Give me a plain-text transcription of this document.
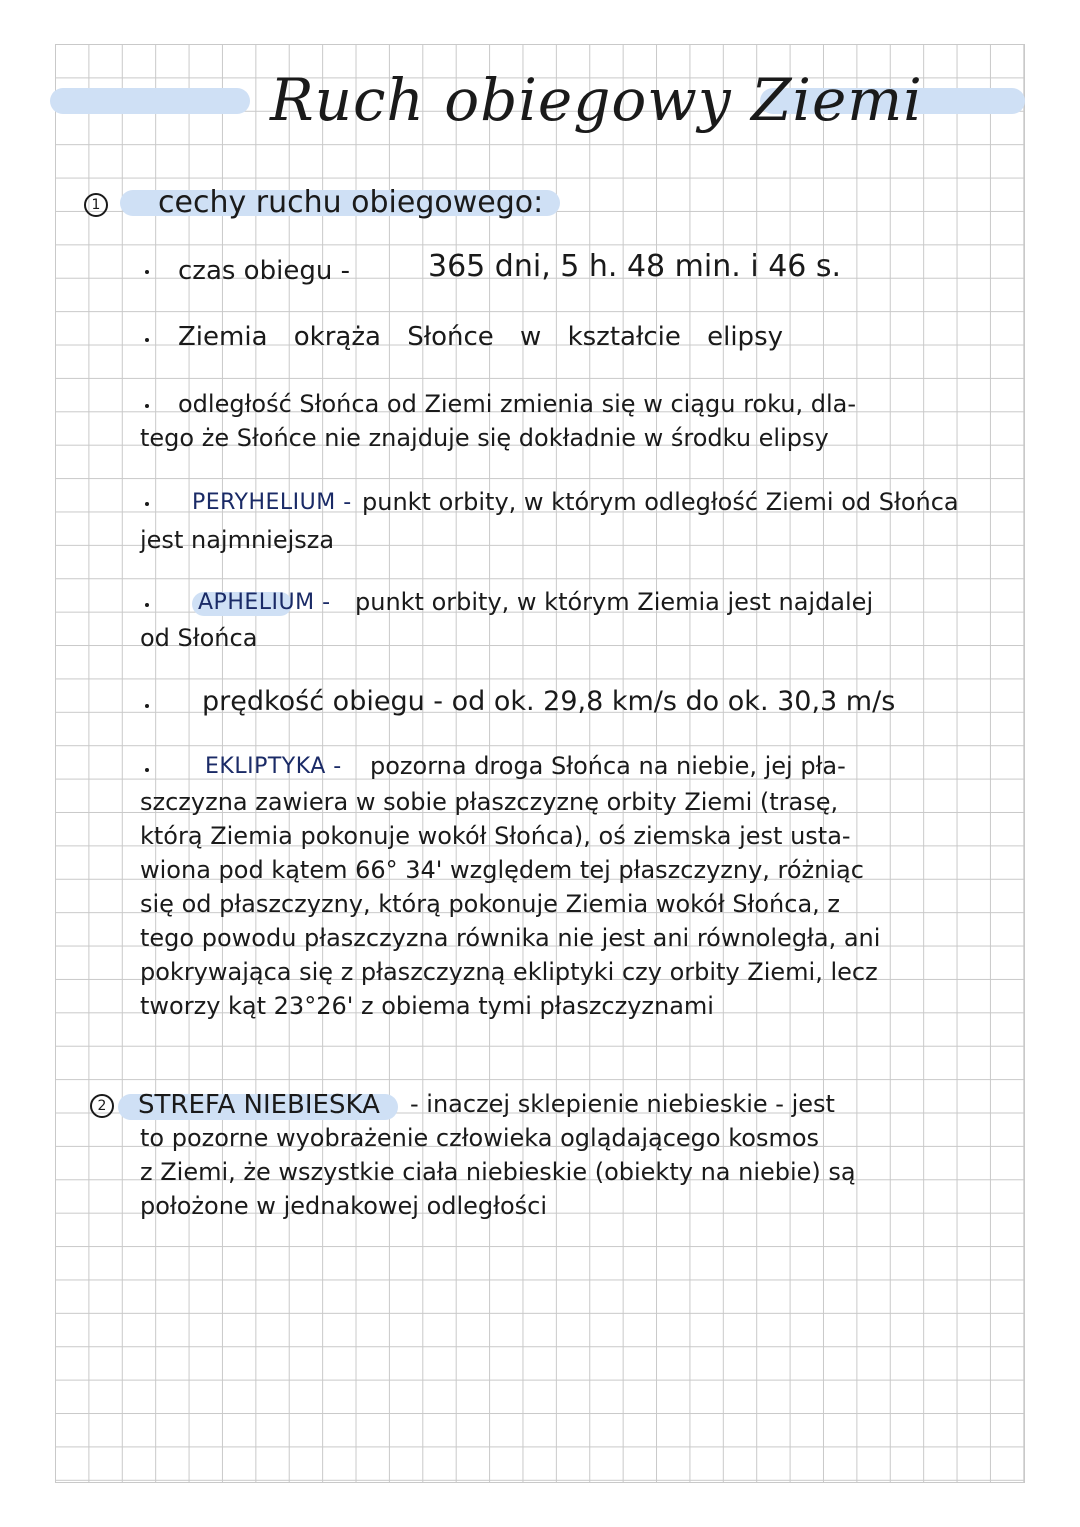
Ruch obiegowy Ziemi
1 cechy ruchu obiegowego:
czas obiegu -	365 dni, 5 h. 48 min. i 46 s.
Ziemia okrąża Słońce w kształcie elipsy
odległość Słońca od Ziemi zmienia się w ciągu roku, dla-
tego że Słońce nie znajduje się dokładnie w środku elipsy
PERYHELIUM - punkt orbity, w którym odległość Ziemi od Słońca
jest najmniejsza
APHELIUM - punkt orbity, w którym Ziemia jest najdalej
od Słońca
prędkość obiegu - od ok. 29,8 km/s do ok. 30,3 m/s
EKLIPTYKA - pozorna droga Słońca na niebie, jej pła-
szczyzna zawiera w sobie płaszczyznę orbity Ziemi (trasę,
którą Ziemia pokonuje wokół Słońca), oś ziemska jest usta-
wiona pod kątem 66° 34' względem tej płaszczyzny, różniąc
się od płaszczyzny, którą pokonuje Ziemia wokół Słońca, z
tego powodu płaszczyzna równika nie jest ani równoległa, ani
pokrywająca się z płaszczyzną ekliptyki czy orbity Ziemi, lecz
tworzy kąt 23°26' z obiema tymi płaszczyznami
2 STREFA NIEBIESKA - inaczej sklepienie niebieskie - jest
to pozorne wyobrażenie człowieka oglądającego kosmos
z Ziemi, że wszystkie ciała niebieskie (obiekty na niebie) są
położone w jednakowej odległości
